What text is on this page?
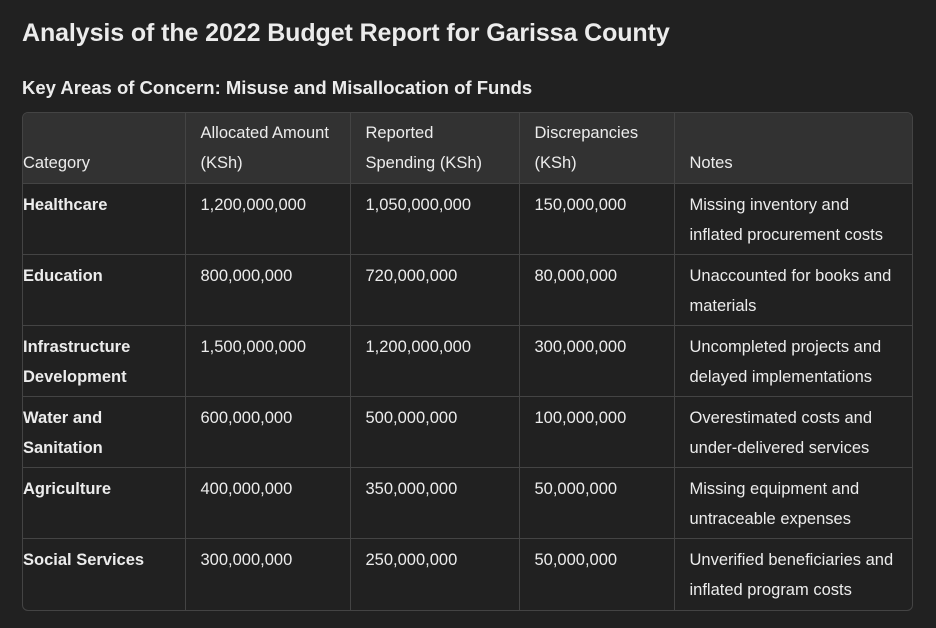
Analysis of the 2022 Budget Report for Garissa County
Key Areas of Concern: Misuse and Misallocation of Funds
Category	Allocated Amount (KSh)	Reported Spending (KSh)	Discrepancies (KSh)	Notes
Healthcare	1,200,000,000	1,050,000,000	150,000,000	Missing inventory and inflated procurement costs
Education	800,000,000	720,000,000	80,000,000	Unaccounted for books and materials
Infrastructure Development	1,500,000,000	1,200,000,000	300,000,000	Uncompleted projects and delayed implementations
Water and Sanitation	600,000,000	500,000,000	100,000,000	Overestimated costs and under-delivered services
Agriculture	400,000,000	350,000,000	50,000,000	Missing equipment and untraceable expenses
Social Services	300,000,000	250,000,000	50,000,000	Unverified beneficiaries and inflated program costs
